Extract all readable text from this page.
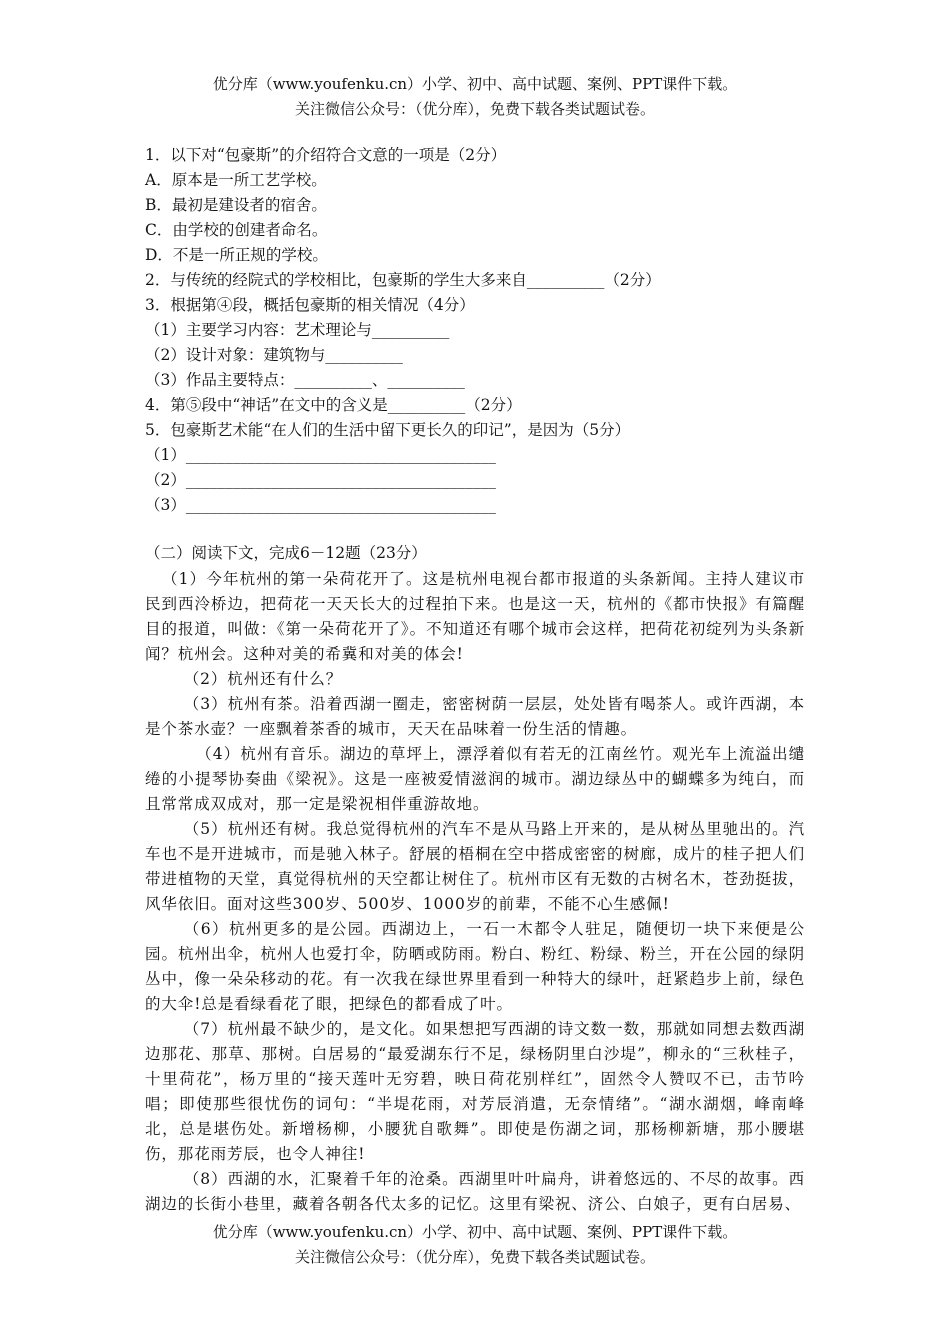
优分库（www.youfenku.cn）小学、初中、高中试题、案例、PPT课件下载。
关注微信公众号：（优分库），免费下载各类试题试卷。
1．以下对“包豪斯”的介绍符合文意的一项是（2分）
A．原本是一所工艺学校。
B．最初是建设者的宿舍。
C．由学校的创建者命名。
D．不是一所正规的学校。
2．与传统的经院式的学校相比，包豪斯的学生大多来自__________（2分）
3．根据第④段，概括包豪斯的相关情况（4分）
（1）主要学习内容：艺术理论与__________
（2）设计对象：建筑物与__________
（3）作品主要特点：__________、__________
4．第⑤段中“神话”在文中的含义是__________（2分）
5．包豪斯艺术能“在人们的生活中留下更长久的印记”，是因为（5分）
（1）________________________________________
（2）________________________________________
（3）________________________________________
（二）阅读下文，完成6－12题（23分）

（1）今年杭州的第一朵荷花开了。这是杭州电视台都市报道的头条新闻。主持人建议市民到西泠桥边，把荷花一天天长大的过程拍下来。也是这一天，杭州的《都市快报》有篇醒目的报道，叫做：《第一朵荷花开了》。不知道还有哪个城市会这样，把荷花初绽列为头条新闻？杭州会。这种对美的希冀和对美的体会!

（2）杭州还有什么？

（3）杭州有茶。沿着西湖一圈走，密密树荫一层层，处处皆有喝茶人。或许西湖，本是个茶水壶？一座飘着茶香的城市，天天在品味着一份生活的情趣。

（4）杭州有音乐。湖边的草坪上，漂浮着似有若无的江南丝竹。观光车上流溢出缱绻的小提琴协奏曲《梁祝》。这是一座被爱情滋润的城市。湖边绿丛中的蝴蝶多为纯白，而且常常成双成对，那一定是梁祝相伴重游故地。

（5）杭州还有树。我总觉得杭州的汽车不是从马路上开来的，是从树丛里驰出的。汽车也不是开进城市，而是驰入林子。舒展的梧桐在空中搭成密密的树廊，成片的桂子把人们带进植物的天堂，真觉得杭州的天空都让树住了。杭州市区有无数的古树名木，苍劲挺拔，风华依旧。面对这些300岁、500岁、1000岁的前辈，不能不心生感佩!

（6）杭州更多的是公园。西湖边上，一石一木都令人驻足，随便切一块下来便是公园。杭州出伞，杭州人也爱打伞，防晒或防雨。粉白、粉红、粉绿、粉兰，开在公园的绿阴丛中，像一朵朵移动的花。有一次我在绿世界里看到一种特大的绿叶，赶紧趋步上前，绿色的大伞!总是看绿看花了眼，把绿色的都看成了叶。

（7）杭州最不缺少的，是文化。如果想把写西湖的诗文数一数，那就如同想去数西湖边那花、那草、那树。白居易的“最爱湖东行不足，绿杨阴里白沙堤”，柳永的“三秋桂子，十里荷花”，杨万里的“接天莲叶无穷碧，映日荷花别样红”，固然令人赞叹不已，击节吟唱；即使那些很忧伤的词句：“半堤花雨，对芳辰消遣，无奈情绪”。“湖水湖烟，峰南峰北，总是堪伤处。新增杨柳，小腰犹自歌舞”。即使是伤湖之词，那杨柳新塘，那小腰堪伤，那花雨芳辰，也令人神往!

（8）西湖的水，汇聚着千年的沧桑。西湖里叶叶扁舟，讲着悠远的、不尽的故事。西湖边的长街小巷里，藏着各朝各代太多的记忆。这里有梁祝、济公、白娘子，更有白居易、

优分库（www.youfenku.cn）小学、初中、高中试题、案例、PPT课件下载。
关注微信公众号：（优分库），免费下载各类试题试卷。
